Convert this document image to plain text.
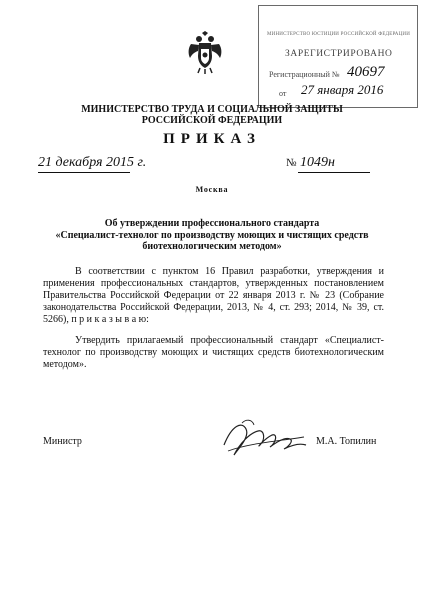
МИНИСТЕРСТВО ЮСТИЦИИ РОССИЙСКОЙ ФЕДЕРАЦИИ
ЗАРЕГИСТРИРОВАНО
Регистрационный № 40697
от 27 января 2016
МИНИСТЕРСТВО ТРУДА И СОЦИАЛЬНОЙ ЗАЩИТЫ
РОССИЙСКОЙ ФЕДЕРАЦИИ
ПРИКАЗ
21 декабря 2015 г.	№ 1049н
Москва
Об утверждении профессионального стандарта
«Специалист-технолог по производству моющих и чистящих средств
биотехнологическим методом»
В соответствии с пунктом 16 Правил разработки, утверждения и применения профессиональных стандартов, утвержденных постановлением Правительства Российской Федерации от 22 января 2013 г. № 23 (Собрание законодательства Российской Федерации, 2013, № 4, ст. 293; 2014, № 39, ст. 5266), п р и к а з ы в а ю:
Утвердить прилагаемый профессиональный стандарт «Специалист-технолог по производству моющих и чистящих средств биотехнологическим методом».
Министр	М.А. Топилин
